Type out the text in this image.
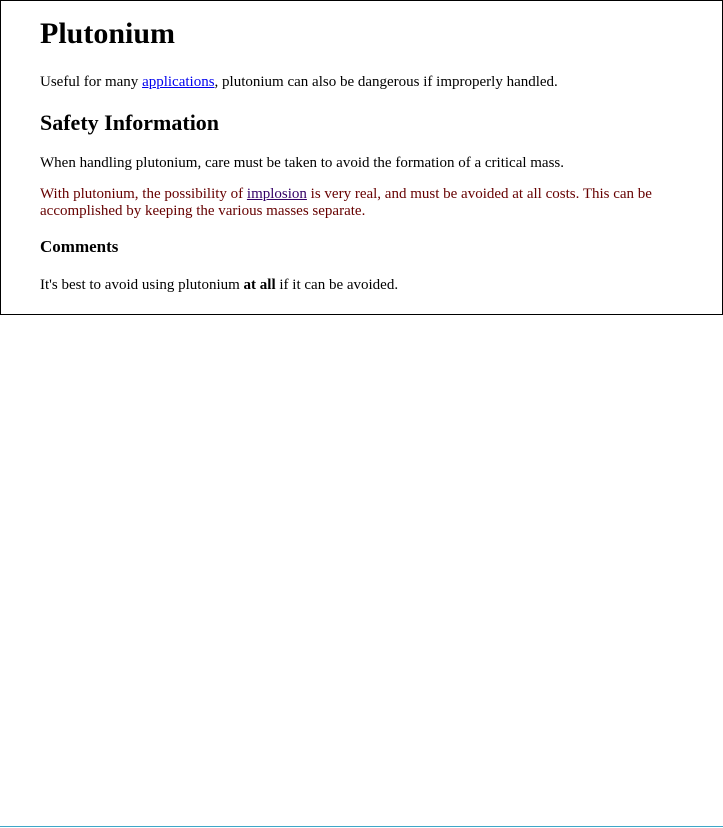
Plutonium

Useful for many applications, plutonium can also be dangerous if improperly handled.

Safety Information

When handling plutonium, care must be taken to avoid the formation of a critical mass.

With plutonium, the possibility of implosion is very real, and must be avoided at all costs. This can be accomplished by keeping the various masses separate.

Comments

It's best to avoid using plutonium at all if it can be avoided.
